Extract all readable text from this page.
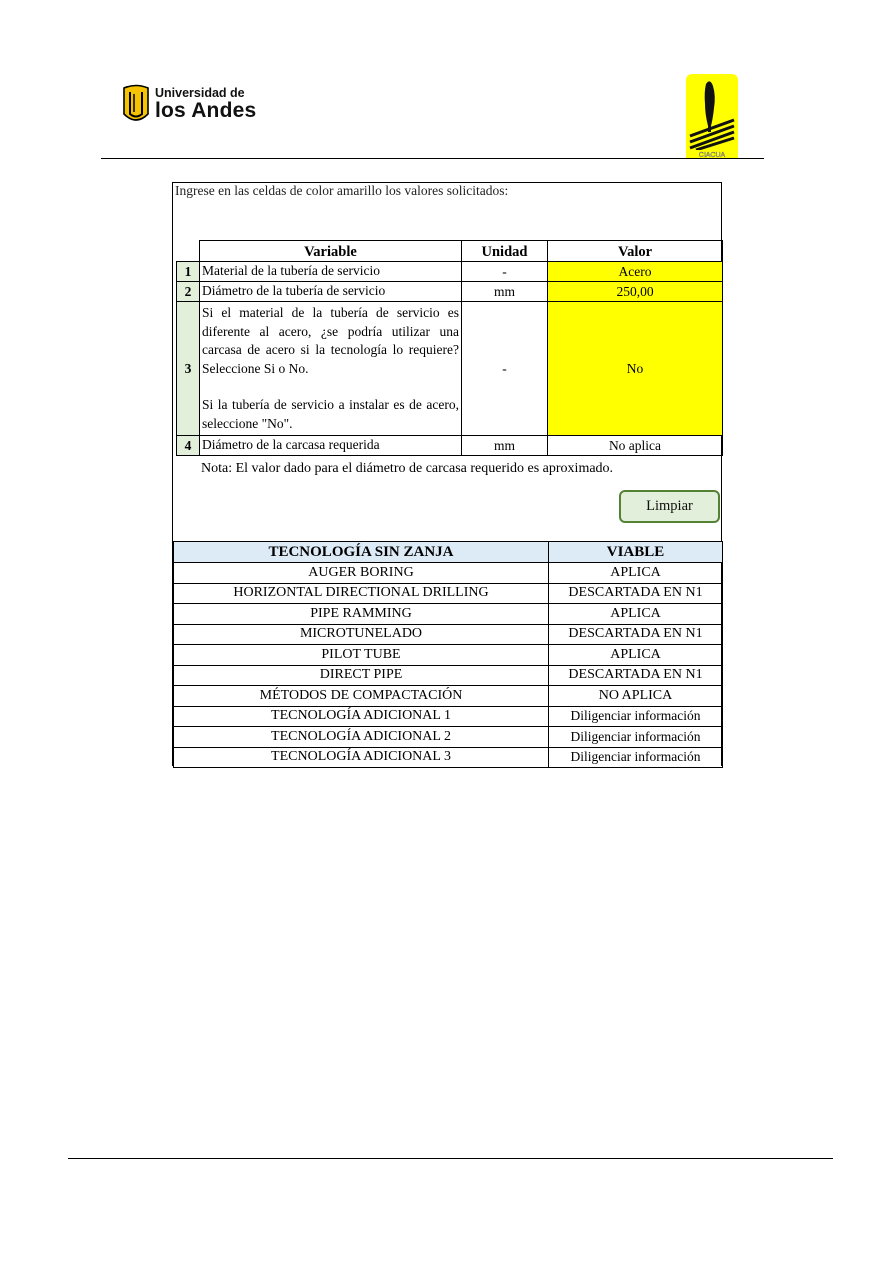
Universidad de
los Andes
CIACUA
Ingrese en las celdas de color amarillo los valores solicitados:
	Variable	Unidad	Valor
1	Material de la tubería de servicio	-	Acero
2	Diámetro de la tubería de servicio	mm	250,00
3	Si el material de la tubería de servicio es diferente al acero, ¿se podría utilizar una carcasa de acero si la tecnología lo requiere? Seleccione Si o No.
Si la tubería de servicio a instalar es de acero, seleccione "No".	-	No
4	Diámetro de la carcasa requerida	mm	No aplica
Nota: El valor dado para el diámetro de carcasa requerido es aproximado.
Limpiar
TECNOLOGÍA SIN ZANJA	VIABLE
AUGER BORING	APLICA
HORIZONTAL DIRECTIONAL DRILLING	DESCARTADA EN N1
PIPE RAMMING	APLICA
MICROTUNELADO	DESCARTADA EN N1
PILOT TUBE	APLICA
DIRECT PIPE	DESCARTADA EN N1
MÉTODOS DE COMPACTACIÓN	NO APLICA
TECNOLOGÍA ADICIONAL 1	Diligenciar información
TECNOLOGÍA ADICIONAL 2	Diligenciar información
TECNOLOGÍA ADICIONAL 3	Diligenciar información
